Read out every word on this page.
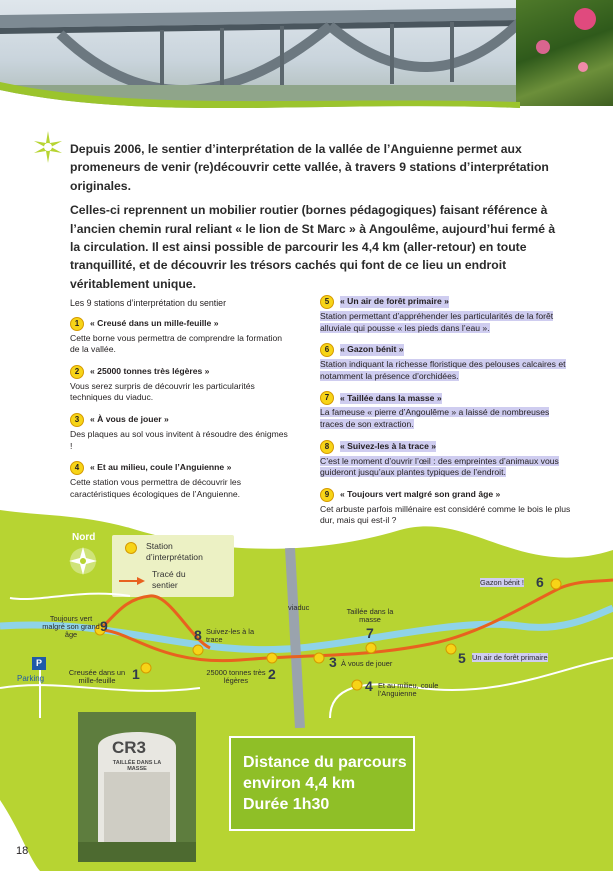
Depuis 2006, le sentier d’interprétation de la vallée de l’Anguienne permet aux promeneurs de venir (re)découvrir cette vallée, à travers 9 stations d’interprétation originales.

Celles-ci reprennent un mobilier routier (bornes pédagogiques) faisant référence à l’ancien chemin rural reliant « le lion de St Marc » à Angoulême, aujourd’hui fermé à la circulation. Il est ainsi possible de parcourir les 4,4 km (aller-retour) en toute tranquillité, et de découvrir les trésors cachés qui font de ce lieu un endroit véritablement unique.

Les 9 stations d’interprétation du sentier
1	« Creusé dans un mille-feuille »
Cette borne vous permettra de comprendre la formation de la vallée.
2	« 25000 tonnes très légères »
Vous serez surpris de découvrir les particularités techniques du viaduc.
3	« À vous de jouer »
Des plaques au sol vous invitent à résoudre des énigmes !
4	« Et au milieu, coule l’Anguienne »
Cette station vous permettra de découvrir les caractéristiques écologiques de l’Anguienne.
5	« Un air de forêt primaire »
Station permettant d’appréhender les particularités de la forêt alluviale qui pousse « les pieds dans l’eau ».
6	« Gazon bénit »
Station indiquant la richesse floristique des pelouses calcaires et notamment la présence d’orchidées.
7	« Taillée dans la masse »
La fameuse « pierre d’Angoulême » a laissé de nombreuses traces de son extraction.
8	« Suivez-les à la trace »
C’est le moment d’ouvrir l’œil : des empreintes d’animaux vous guideront jusqu’aux plantes typiques de l’endroit.
9	« Toujours vert malgré son grand âge »
Cet arbuste parfois millénaire est considéré comme le bois le plus dur, mais qui est-il ?
Nord
Station d’interprétation
Tracé du sentier
viaduc
P
Parking
Creusée dans un mille-feuille	1	25000 tonnes très légères	2
3 À vous de jouer
4 Et au milieu, coule l’Anguienne
5 Un air de forêt primaire
Gazon bénit ! 6
Taillée dans la masse
7
8 Suivez-les à la trace
Toujours vert malgré son grand âge
9
CR3
TAILLÉE DANS LA MASSE	Distance du parcours

environ 4,4 km

Durée 1h30

18
